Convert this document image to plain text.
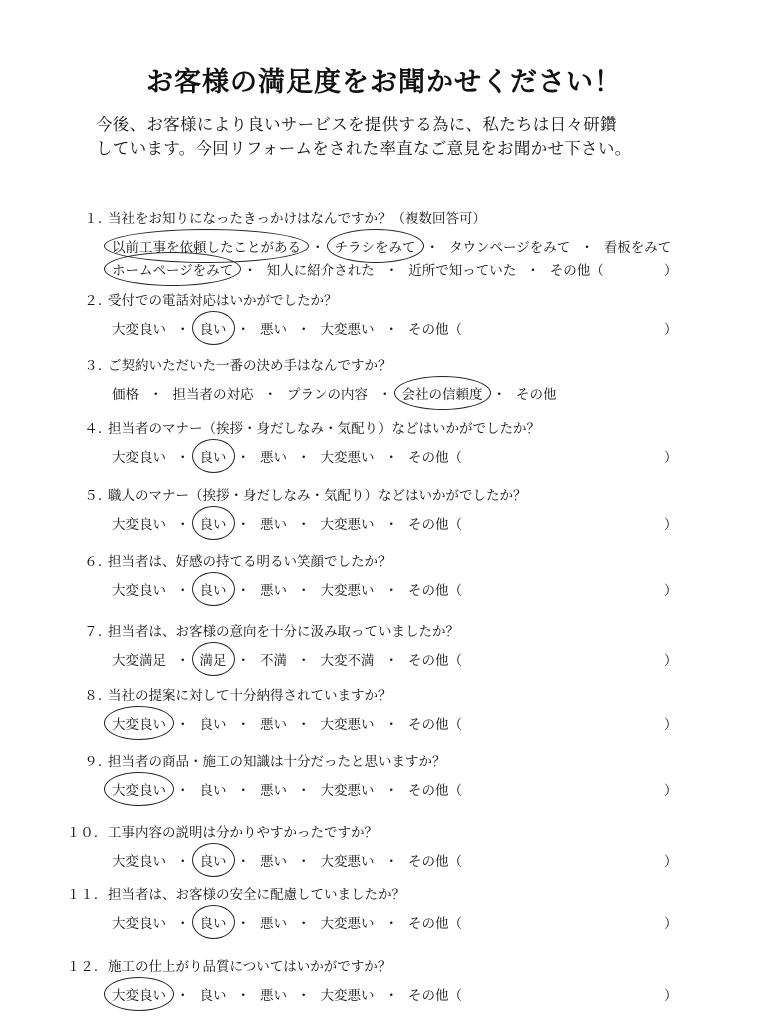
お客様の満足度をお聞かせください！
今後、お客様により良いサービスを提供する為に、私たちは日々研鑽
しています。今回リフォームをされた率直なご意見をお聞かせ下さい。
１. 当社をお知りになったきっかけはなんですか？（複数回答可）
以前工事を依頼したことがある ・ チラシをみて ・ タウンページをみて ・ 看板をみて
ホームページをみて ・ 知人に紹介された ・ 近所で知っていた ・ その他（	）
２. 受付での電話対応はいかがでしたか？
大変良い ・ 良い ・ 悪い ・ 大変悪い ・ その他（	）
３. ご契約いただいた一番の決め手はなんですか？
価格 ・ 担当者の対応 ・ プランの内容 ・ 会社の信頼度 ・ その他
４. 担当者のマナー（挨拶・身だしなみ・気配り）などはいかがでしたか？
大変良い ・ 良い ・ 悪い ・ 大変悪い ・ その他（	）
５. 職人のマナー（挨拶・身だしなみ・気配り）などはいかがでしたか？
大変良い ・ 良い ・ 悪い ・ 大変悪い ・ その他（	）
６. 担当者は、好感の持てる明るい笑顔でしたか？
大変良い ・ 良い ・ 悪い ・ 大変悪い ・ その他（	）
７. 担当者は、お客様の意向を十分に汲み取っていましたか？
大変満足 ・ 満足 ・ 不満 ・ 大変不満 ・ その他（	）
８. 当社の提案に対して十分納得されていますか？
大変良い ・ 良い ・ 悪い ・ 大変悪い ・ その他（	）
９. 担当者の商品・施工の知識は十分だったと思いますか？
大変良い ・ 良い ・ 悪い ・ 大変悪い ・ その他（	）
１０. 工事内容の説明は分かりやすかったですか？
大変良い ・ 良い ・ 悪い ・ 大変悪い ・ その他（	）
１１. 担当者は、お客様の安全に配慮していましたか？
大変良い ・ 良い ・ 悪い ・ 大変悪い ・ その他（	）
１２. 施工の仕上がり品質についてはいかがですか？
大変良い ・ 良い ・ 悪い ・ 大変悪い ・ その他（	）
